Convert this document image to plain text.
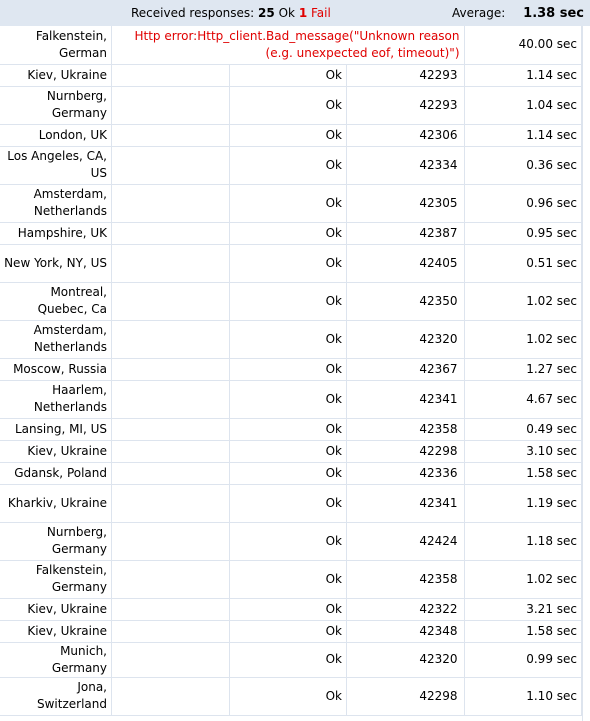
Received responses: 25 Ok 1 Fail	Average: 1.38 sec
Falkenstein, German	Http error:Http_client.Bad_message("Unknown reason (e.g. unexpected eof, timeout)")			40.00 sec
Kiev, Ukraine		Ok	42293	1.14 sec
Nurnberg, Germany		Ok	42293	1.04 sec
London, UK		Ok	42306	1.14 sec
Los Angeles, CA, US		Ok	42334	0.36 sec
Amsterdam, Netherlands		Ok	42305	0.96 sec
Hampshire, UK		Ok	42387	0.95 sec
New York, NY, US		Ok	42405	0.51 sec
Montreal, Quebec, Ca		Ok	42350	1.02 sec
Amsterdam, Netherlands		Ok	42320	1.02 sec
Moscow, Russia		Ok	42367	1.27 sec
Haarlem, Netherlands		Ok	42341	4.67 sec
Lansing, MI, US		Ok	42358	0.49 sec
Kiev, Ukraine		Ok	42298	3.10 sec
Gdansk, Poland		Ok	42336	1.58 sec
Kharkiv, Ukraine		Ok	42341	1.19 sec
Nurnberg, Germany		Ok	42424	1.18 sec
Falkenstein, Germany		Ok	42358	1.02 sec
Kiev, Ukraine		Ok	42322	3.21 sec
Kiev, Ukraine		Ok	42348	1.58 sec
Munich, Germany		Ok	42320	0.99 sec
Jona, Switzerland		Ok	42298	1.10 sec
